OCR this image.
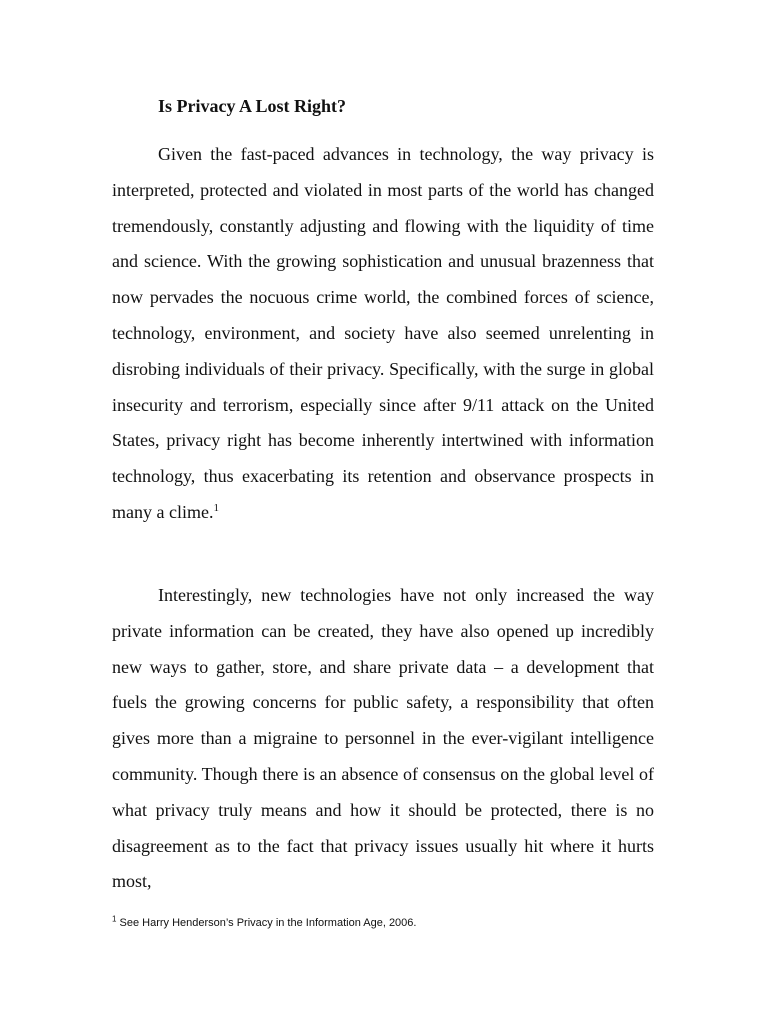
Is Privacy A Lost Right?

Given the fast-paced advances in technology, the way privacy is interpreted, protected and violated in most parts of the world has changed tremendously, constantly adjusting and flowing with the liquidity of time and science. With the growing sophistication and unusual brazenness that now pervades the nocuous crime world, the combined forces of science, technology, environment, and society have also seemed unrelenting in disrobing individuals of their privacy. Specifically, with the surge in global insecurity and terrorism, especially since after 9/11 attack on the United States, privacy right has become inherently intertwined with information technology, thus exacerbating its retention and observance prospects in many a clime.$^1$

Interestingly, new technologies have not only increased the way private information can be created, they have also opened up incredibly new ways to gather, store, and share private data – a development that fuels the growing concerns for public safety, a responsibility that often gives more than a migraine to personnel in the ever-vigilant intelligence community. Though there is an absence of consensus on the global level of what privacy truly means and how it should be protected, there is no disagreement as to the fact that privacy issues usually hit where it hurts most,

$^1$ See Harry Henderson’s Privacy in the Information Age, 2006.
